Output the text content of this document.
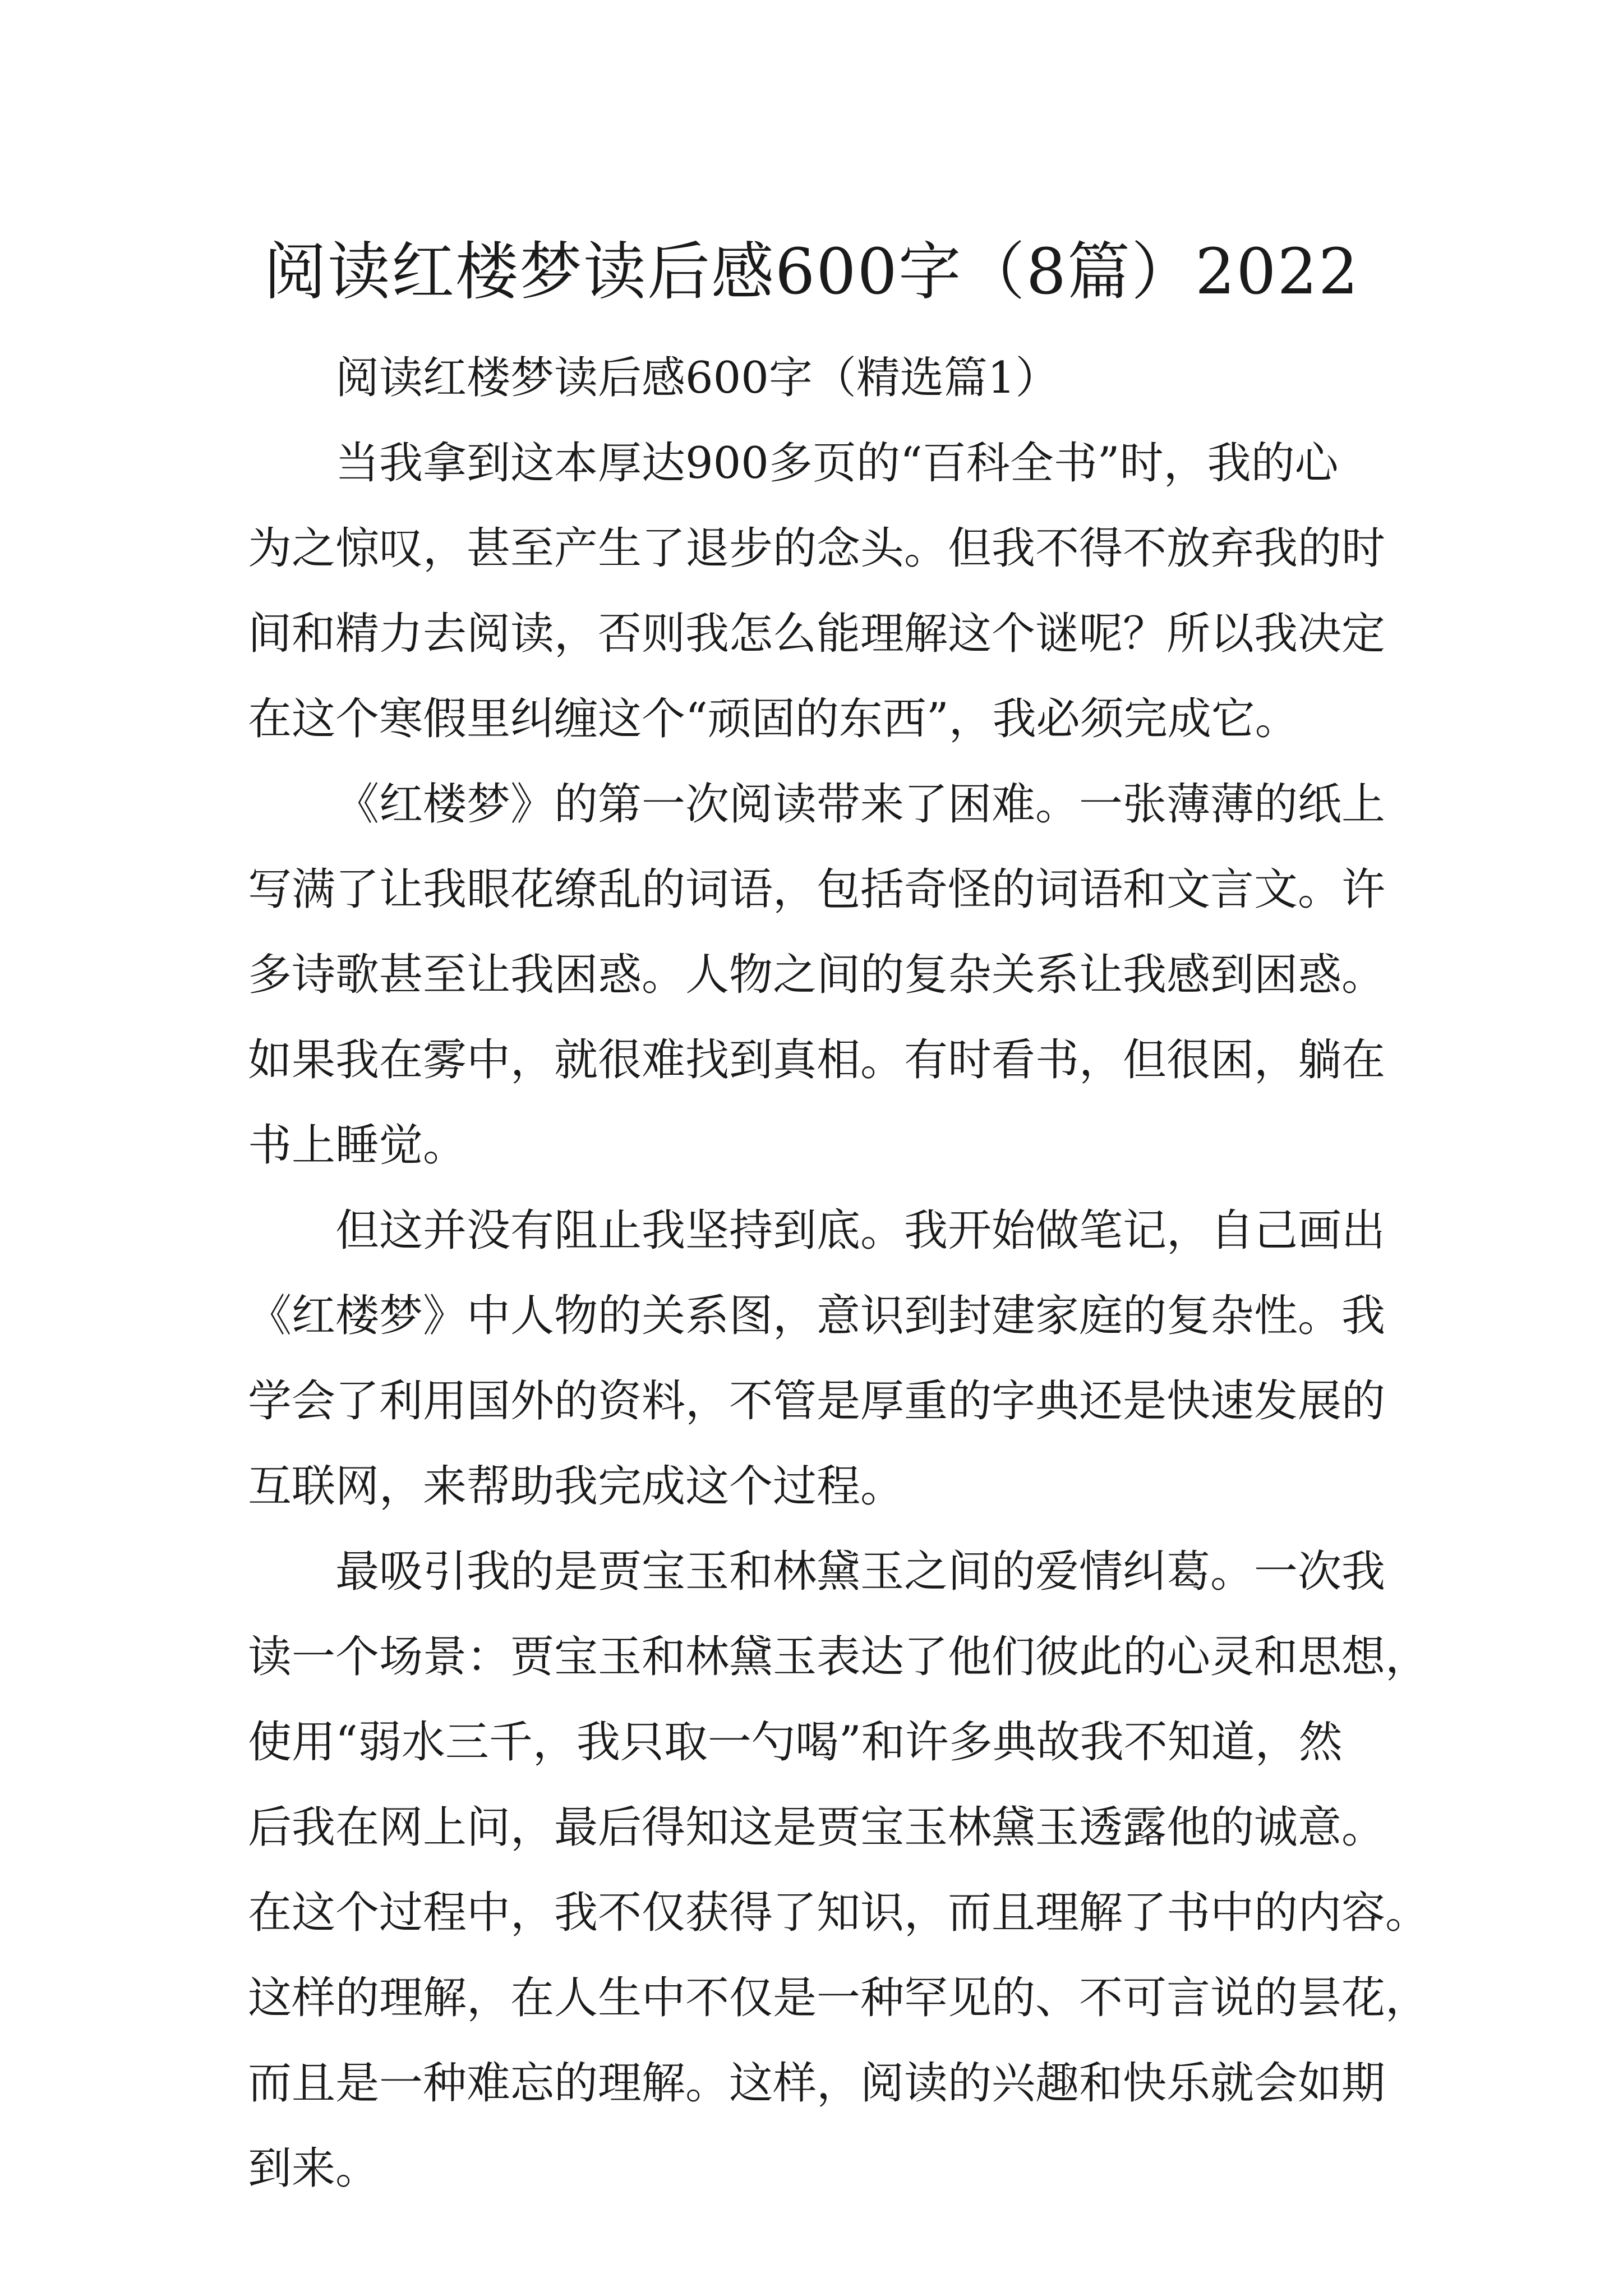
阅读红楼梦读后感600字（8篇）2022
阅读红楼梦读后感600字（精选篇1）
当我拿到这本厚达900多页的“百科全书”时，我的心
为之惊叹，甚至产生了退步的念头。但我不得不放弃我的时
间和精力去阅读，否则我怎么能理解这个谜呢？所以我决定
在这个寒假里纠缠这个“顽固的东西”，我必须完成它。
《红楼梦》的第一次阅读带来了困难。一张薄薄的纸上
写满了让我眼花缭乱的词语，包括奇怪的词语和文言文。许
多诗歌甚至让我困惑。人物之间的复杂关系让我感到困惑。
如果我在雾中，就很难找到真相。有时看书，但很困，躺在
书上睡觉。
但这并没有阻止我坚持到底。我开始做笔记，自己画出
《红楼梦》中人物的关系图，意识到封建家庭的复杂性。我
学会了利用国外的资料，不管是厚重的字典还是快速发展的
互联网，来帮助我完成这个过程。
最吸引我的是贾宝玉和林黛玉之间的爱情纠葛。一次我
读一个场景：贾宝玉和林黛玉表达了他们彼此的心灵和思想，
使用“弱水三千，我只取一勺喝”和许多典故我不知道，然
后我在网上问，最后得知这是贾宝玉林黛玉透露他的诚意。
在这个过程中，我不仅获得了知识，而且理解了书中的内容。
这样的理解，在人生中不仅是一种罕见的、不可言说的昙花，
而且是一种难忘的理解。这样，阅读的兴趣和快乐就会如期
到来。
